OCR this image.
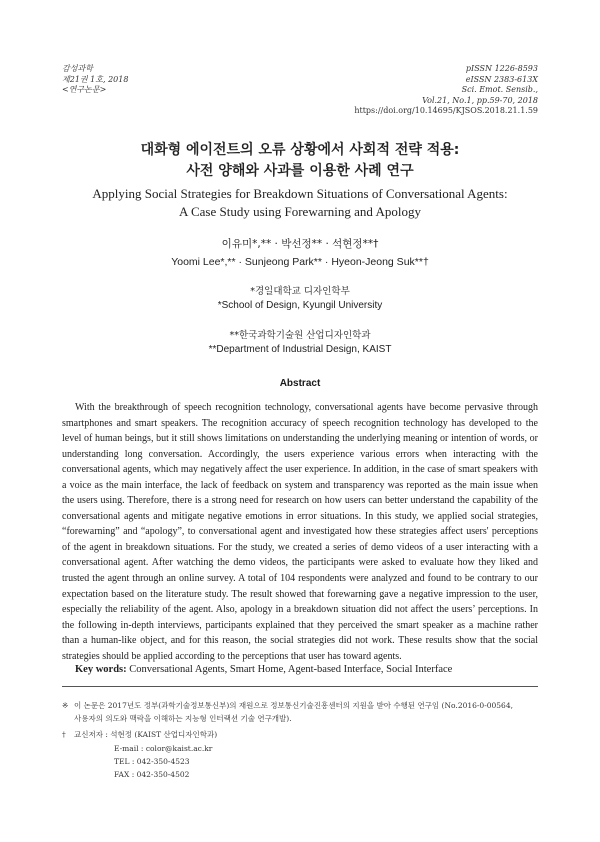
감성과학
제21권 1호, 2018
<연구논문>
pISSN 1226-8593
eISSN 2383-613X
Sci. Emot. Sensib.,
Vol.21, No.1, pp.59-70, 2018
https://doi.org/10.14695/KJSOS.2018.21.1.59
대화형 에이전트의 오류 상황에서 사회적 전략 적용:
사전 양해와 사과를 이용한 사례 연구
Applying Social Strategies for Breakdown Situations of Conversational Agents:
A Case Study using Forewarning and Apology
이유미*,** · 박선정** · 석현정**†
Yoomi Lee*,** · Sunjeong Park** · Hyeon-Jeong Suk**†
*경일대학교 디자인학부
*School of Design, Kyungil University
**한국과학기술원 산업디자인학과
**Department of Industrial Design, KAIST
Abstract

With the breakthrough of speech recognition technology, conversational agents have become pervasive through smartphones and smart speakers. The recognition accuracy of speech recognition technology has developed to the level of human beings, but it still shows limitations on understanding the underlying meaning or intention of words, or understanding long conversation. Accordingly, the users experience various errors when interacting with the conversational agents, which may negatively affect the user experience. In addition, in the case of smart speakers with a voice as the main interface, the lack of feedback on system and transparency was reported as the main issue when the users using. Therefore, there is a strong need for research on how users can better understand the capability of the conversational agents and mitigate negative emotions in error situations. In this study, we applied social strategies, “forewarning” and “apology”, to conversational agent and investigated how these strategies affect users' perceptions of the agent in breakdown situations. For the study, we created a series of demo videos of a user interacting with a conversational agent. After watching the demo videos, the participants were asked to evaluate how they liked and trusted the agent through an online survey. A total of 104 respondents were analyzed and found to be contrary to our expectation based on the literature study. The result showed that forewarning gave a negative impression to the user, especially the reliability of the agent. Also, apology in a breakdown situation did not affect the users’ perceptions. In the following in-depth interviews, participants explained that they perceived the smart speaker as a machine rather than a human-like object, and for this reason, the social strategies did not work. These results show that the social strategies should be applied according to the perceptions that user has toward agents.

Key words: Conversational Agents, Smart Home, Agent-based Interface, Social Interface
※ 이 논문은 2017년도 정부(과학기술정보통신부)의 재원으로 정보통신기술진흥센터의 지원을 받아 수행된 연구임 (No.2016-0-00564,
사용자의 의도와 맥락을 이해하는 지능형 인터랙션 기술 연구개발).
† 교신저자 : 석현정 (KAIST 산업디자인학과)
E-mail : color@kaist.ac.kr
TEL : 042-350-4523
FAX : 042-350-4502
